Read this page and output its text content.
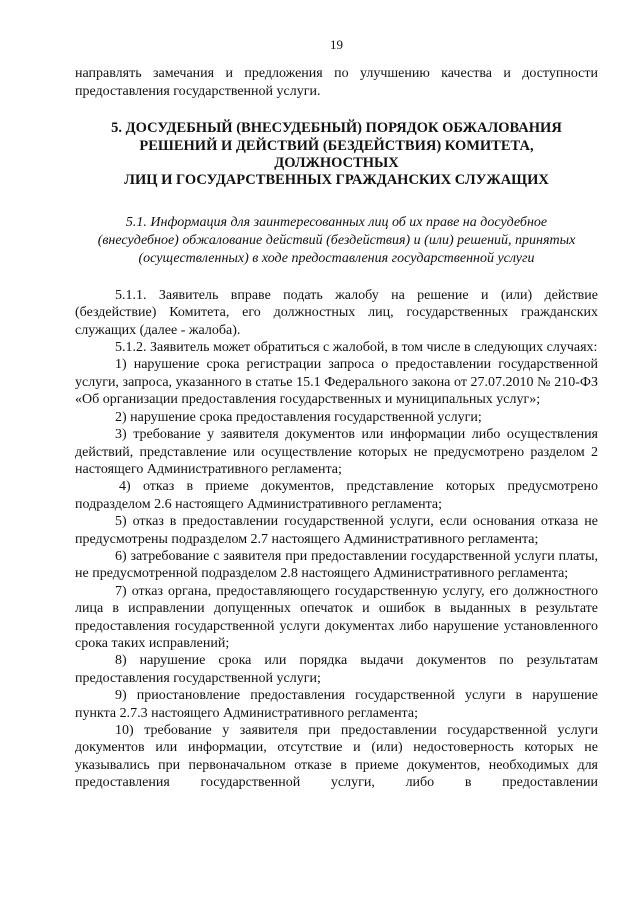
19

направлять замечания и предложения по улучшению качества и доступности предоставления государственной услуги.

5. ДОСУДЕБНЫЙ (ВНЕСУДЕБНЫЙ) ПОРЯДОК ОБЖАЛОВАНИЯ
РЕШЕНИЙ И ДЕЙСТВИЙ (БЕЗДЕЙСТВИЯ) КОМИТЕТА,
ДОЛЖНОСТНЫХ
ЛИЦ И ГОСУДАРСТВЕННЫХ ГРАЖДАНСКИХ СЛУЖАЩИХ
5.1. Информация для заинтересованных лиц об их праве на досудебное
(внесудебное) обжалование действий (бездействия) и (или) решений, принятых
(осуществленных) в ходе предоставления государственной услуги

5.1.1. Заявитель вправе подать жалобу на решение и (или) действие (бездействие) Комитета, его должностных лиц, государственных гражданских служащих (далее - жалоба).

5.1.2. Заявитель может обратиться с жалобой, в том числе в следующих случаях:

1) нарушение срока регистрации запроса о предоставлении государственной услуги, запроса, указанного в статье 15.1 Федерального закона от 27.07.2010 № 210-ФЗ «Об организации предоставления государственных и муниципальных услуг»;

2) нарушение срока предоставления государственной услуги;

3) требование у заявителя документов или информации либо осуществления действий, представление или осуществление которых не предусмотрено разделом 2 настоящего Административного регламента;

4) отказ в приеме документов, представление которых предусмотрено подразделом 2.6 настоящего Административного регламента;

5) отказ в предоставлении государственной услуги, если основания отказа не предусмотрены подразделом 2.7 настоящего Административного регламента;

6) затребование с заявителя при предоставлении государственной услуги платы, не предусмотренной подразделом 2.8 настоящего Административного регламента;

7) отказ органа, предоставляющего государственную услугу, его должностного лица в исправлении допущенных опечаток и ошибок в выданных в результате предоставления государственной услуги документах либо нарушение установленного срока таких исправлений;

8) нарушение срока или порядка выдачи документов по результатам предоставления государственной услуги;

9) приостановление предоставления государственной услуги в нарушение пункта 2.7.3 настоящего Административного регламента;

10) требование у заявителя при предоставлении государственной услуги документов или информации, отсутствие и (или) недостоверность которых не указывались при первоначальном отказе в приеме документов, необходимых для предоставления государственной услуги, либо в предоставлении
